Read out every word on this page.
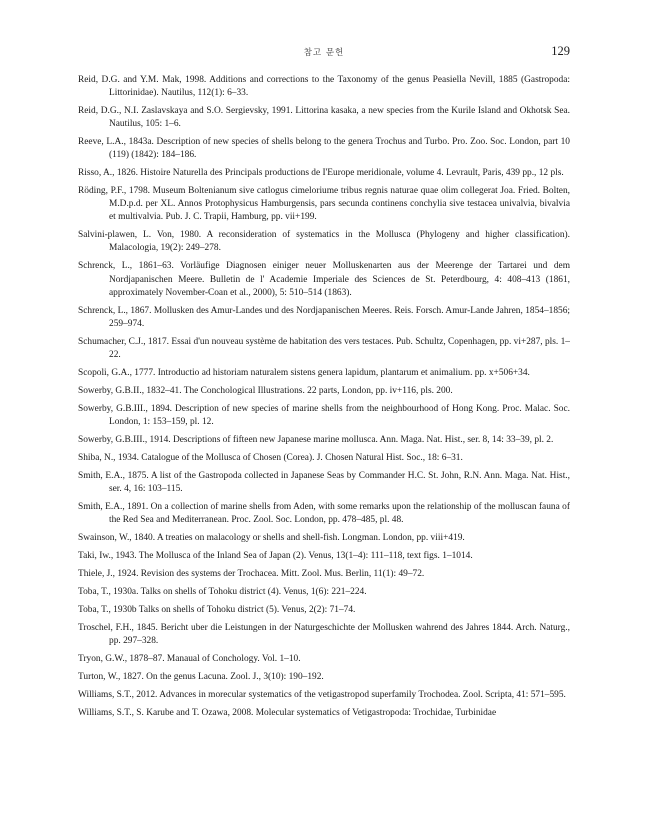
참고 문헌	129
Reid, D.G. and Y.M. Mak, 1998. Additions and corrections to the Taxonomy of the genus Peasiella Nevill, 1885 (Gastropoda: Littorinidae). Nautilus, 112(1): 6–33.
Reid, D.G., N.I. Zaslavskaya and S.O. Sergievsky, 1991. Littorina kasaka, a new species from the Kurile Island and Okhotsk Sea. Nautilus, 105: 1–6.
Reeve, L.A., 1843a. Description of new species of shells belong to the genera Trochus and Turbo. Pro. Zoo. Soc. London, part 10 (119) (1842): 184–186.
Risso, A., 1826. Histoire Naturella des Principals productions de I'Europe meridionale, volume 4. Levrault, Paris, 439 pp., 12 pls.
Röding, P.F., 1798. Museum Boltenianum sive catlogus cimeloriume tribus regnis naturae quae olim collegerat Joa. Fried. Bolten, M.D.p.d. per XL. Annos Protophysicus Hamburgensis, pars secunda continens conchylia sive testacea univalvia, bivalvia et multivalvia. Pub. J. C. Trapii, Hamburg, pp. vii+199.
Salvini-plawen, L. Von, 1980. A reconsideration of systematics in the Mollusca (Phylogeny and higher classification). Malacologia, 19(2): 249–278.
Schrenck, L., 1861–63. Vorläufige Diagnosen einiger neuer Molluskenarten aus der Meerenge der Tartarei und dem Nordjapanischen Meere. Bulletin de l' Academie Imperiale des Sciences de St. Peterdbourg, 4: 408–413 (1861, approximately November-Coan et al., 2000), 5: 510–514 (1863).
Schrenck, L., 1867. Mollusken des Amur-Landes und des Nordjapanischen Meeres. Reis. Forsch. Amur-Lande Jahren, 1854–1856; 259–974.
Schumacher, C.J., 1817. Essai d'un nouveau système de habitation des vers testaces. Pub. Schultz, Copenhagen, pp. vi+287, pls. 1–22.
Scopoli, G.A., 1777. Introductio ad historiam naturalem sistens genera lapidum, plantarum et animalium. pp. x+506+34.
Sowerby, G.B.II., 1832–41. The Conchological Illustrations. 22 parts, London, pp. iv+116, pls. 200.
Sowerby, G.B.III., 1894. Description of new species of marine shells from the neighbourhood of Hong Kong. Proc. Malac. Soc. London, 1: 153–159, pl. 12.
Sowerby, G.B.III., 1914. Descriptions of fifteen new Japanese marine mollusca. Ann. Maga. Nat. Hist., ser. 8, 14: 33–39, pl. 2.
Shiba, N., 1934. Catalogue of the Mollusca of Chosen (Corea). J. Chosen Natural Hist. Soc., 18: 6–31.
Smith, E.A., 1875. A list of the Gastropoda collected in Japanese Seas by Commander H.C. St. John, R.N. Ann. Maga. Nat. Hist., ser. 4, 16: 103–115.
Smith, E.A., 1891. On a collection of marine shells from Aden, with some remarks upon the relationship of the molluscan fauna of the Red Sea and Mediterranean. Proc. Zool. Soc. London, pp. 478–485, pl. 48.
Swainson, W., 1840. A treaties on malacology or shells and shell-fish. Longman. London, pp. viii+419.
Taki, Iw., 1943. The Mollusca of the Inland Sea of Japan (2). Venus, 13(1–4): 111–118, text figs. 1–1014.
Thiele, J., 1924. Revision des systems der Trochacea. Mitt. Zool. Mus. Berlin, 11(1): 49–72.
Toba, T., 1930a. Talks on shells of Tohoku district (4). Venus, 1(6): 221–224.
Toba, T., 1930b Talks on shells of Tohoku district (5). Venus, 2(2): 71–74.
Troschel, F.H., 1845. Bericht uber die Leistungen in der Naturgeschichte der Mollusken wahrend des Jahres 1844. Arch. Naturg., pp. 297–328.
Tryon, G.W., 1878–87. Manaual of Conchology. Vol. 1–10.
Turton, W., 1827. On the genus Lacuna. Zool. J., 3(10): 190–192.
Williams, S.T., 2012. Advances in morecular systematics of the vetigastropod superfamily Trochodea. Zool. Scripta, 41: 571–595.
Williams, S.T., S. Karube and T. Ozawa, 2008. Molecular systematics of Vetigastropoda: Trochidae, Turbinidae
